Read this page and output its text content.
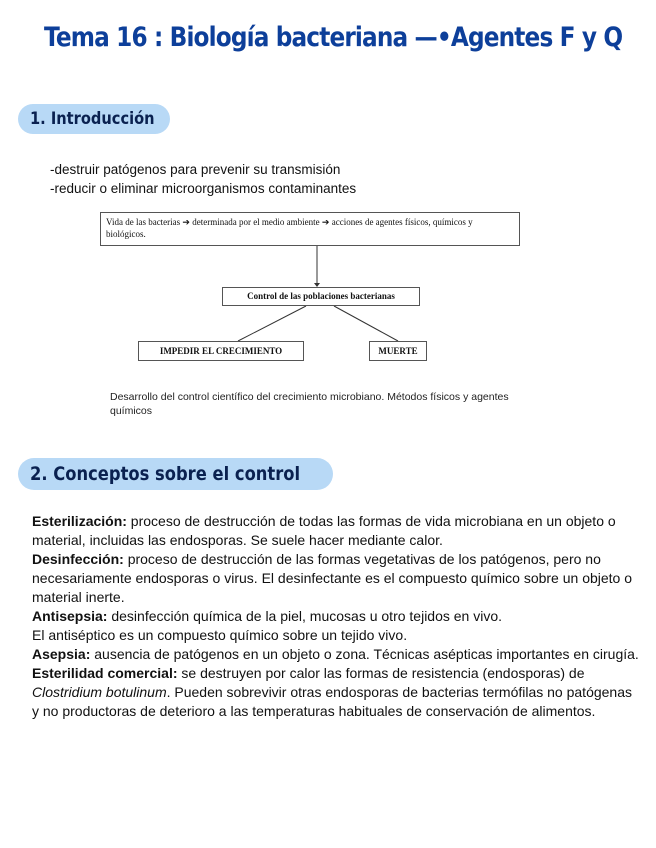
Tema 16 : Biología bacteriana —•Agentes F y Q
1. Introducción
-destruir patógenos para prevenir su transmisión
-reducir o eliminar microorganismos contaminantes
Vida de las bacterias ➔ determinada por el medio ambiente ➔ acciones de agentes físicos, químicos y biológicos.
Control de las poblaciones bacterianas
IMPEDIR EL CRECIMIENTO	MUERTE
Desarrollo del control científico del crecimiento microbiano. Métodos físicos y agentes químicos
2. Conceptos sobre el control

Esterilización: proceso de destrucción de todas las formas de vida microbiana en un objeto o material, incluidas las endosporas. Se suele hacer mediante calor.

Desinfección: proceso de destrucción de las formas vegetativas de los patógenos, pero no necesariamente endosporas o virus. El desinfectante es el compuesto químico sobre un objeto o material inerte.

Antisepsia: desinfección química de la piel, mucosas u otro tejidos en vivo.

El antiséptico es un compuesto químico sobre un tejido vivo.

Asepsia: ausencia de patógenos en un objeto o zona. Técnicas asépticas importantes en cirugía.

Esterilidad comercial: se destruyen por calor las formas de resistencia (endosporas) de Clostridium botulinum. Pueden sobrevivir otras endosporas de bacterias termófilas no patógenas y no productoras de deterioro a las temperaturas habituales de conservación de alimentos.
